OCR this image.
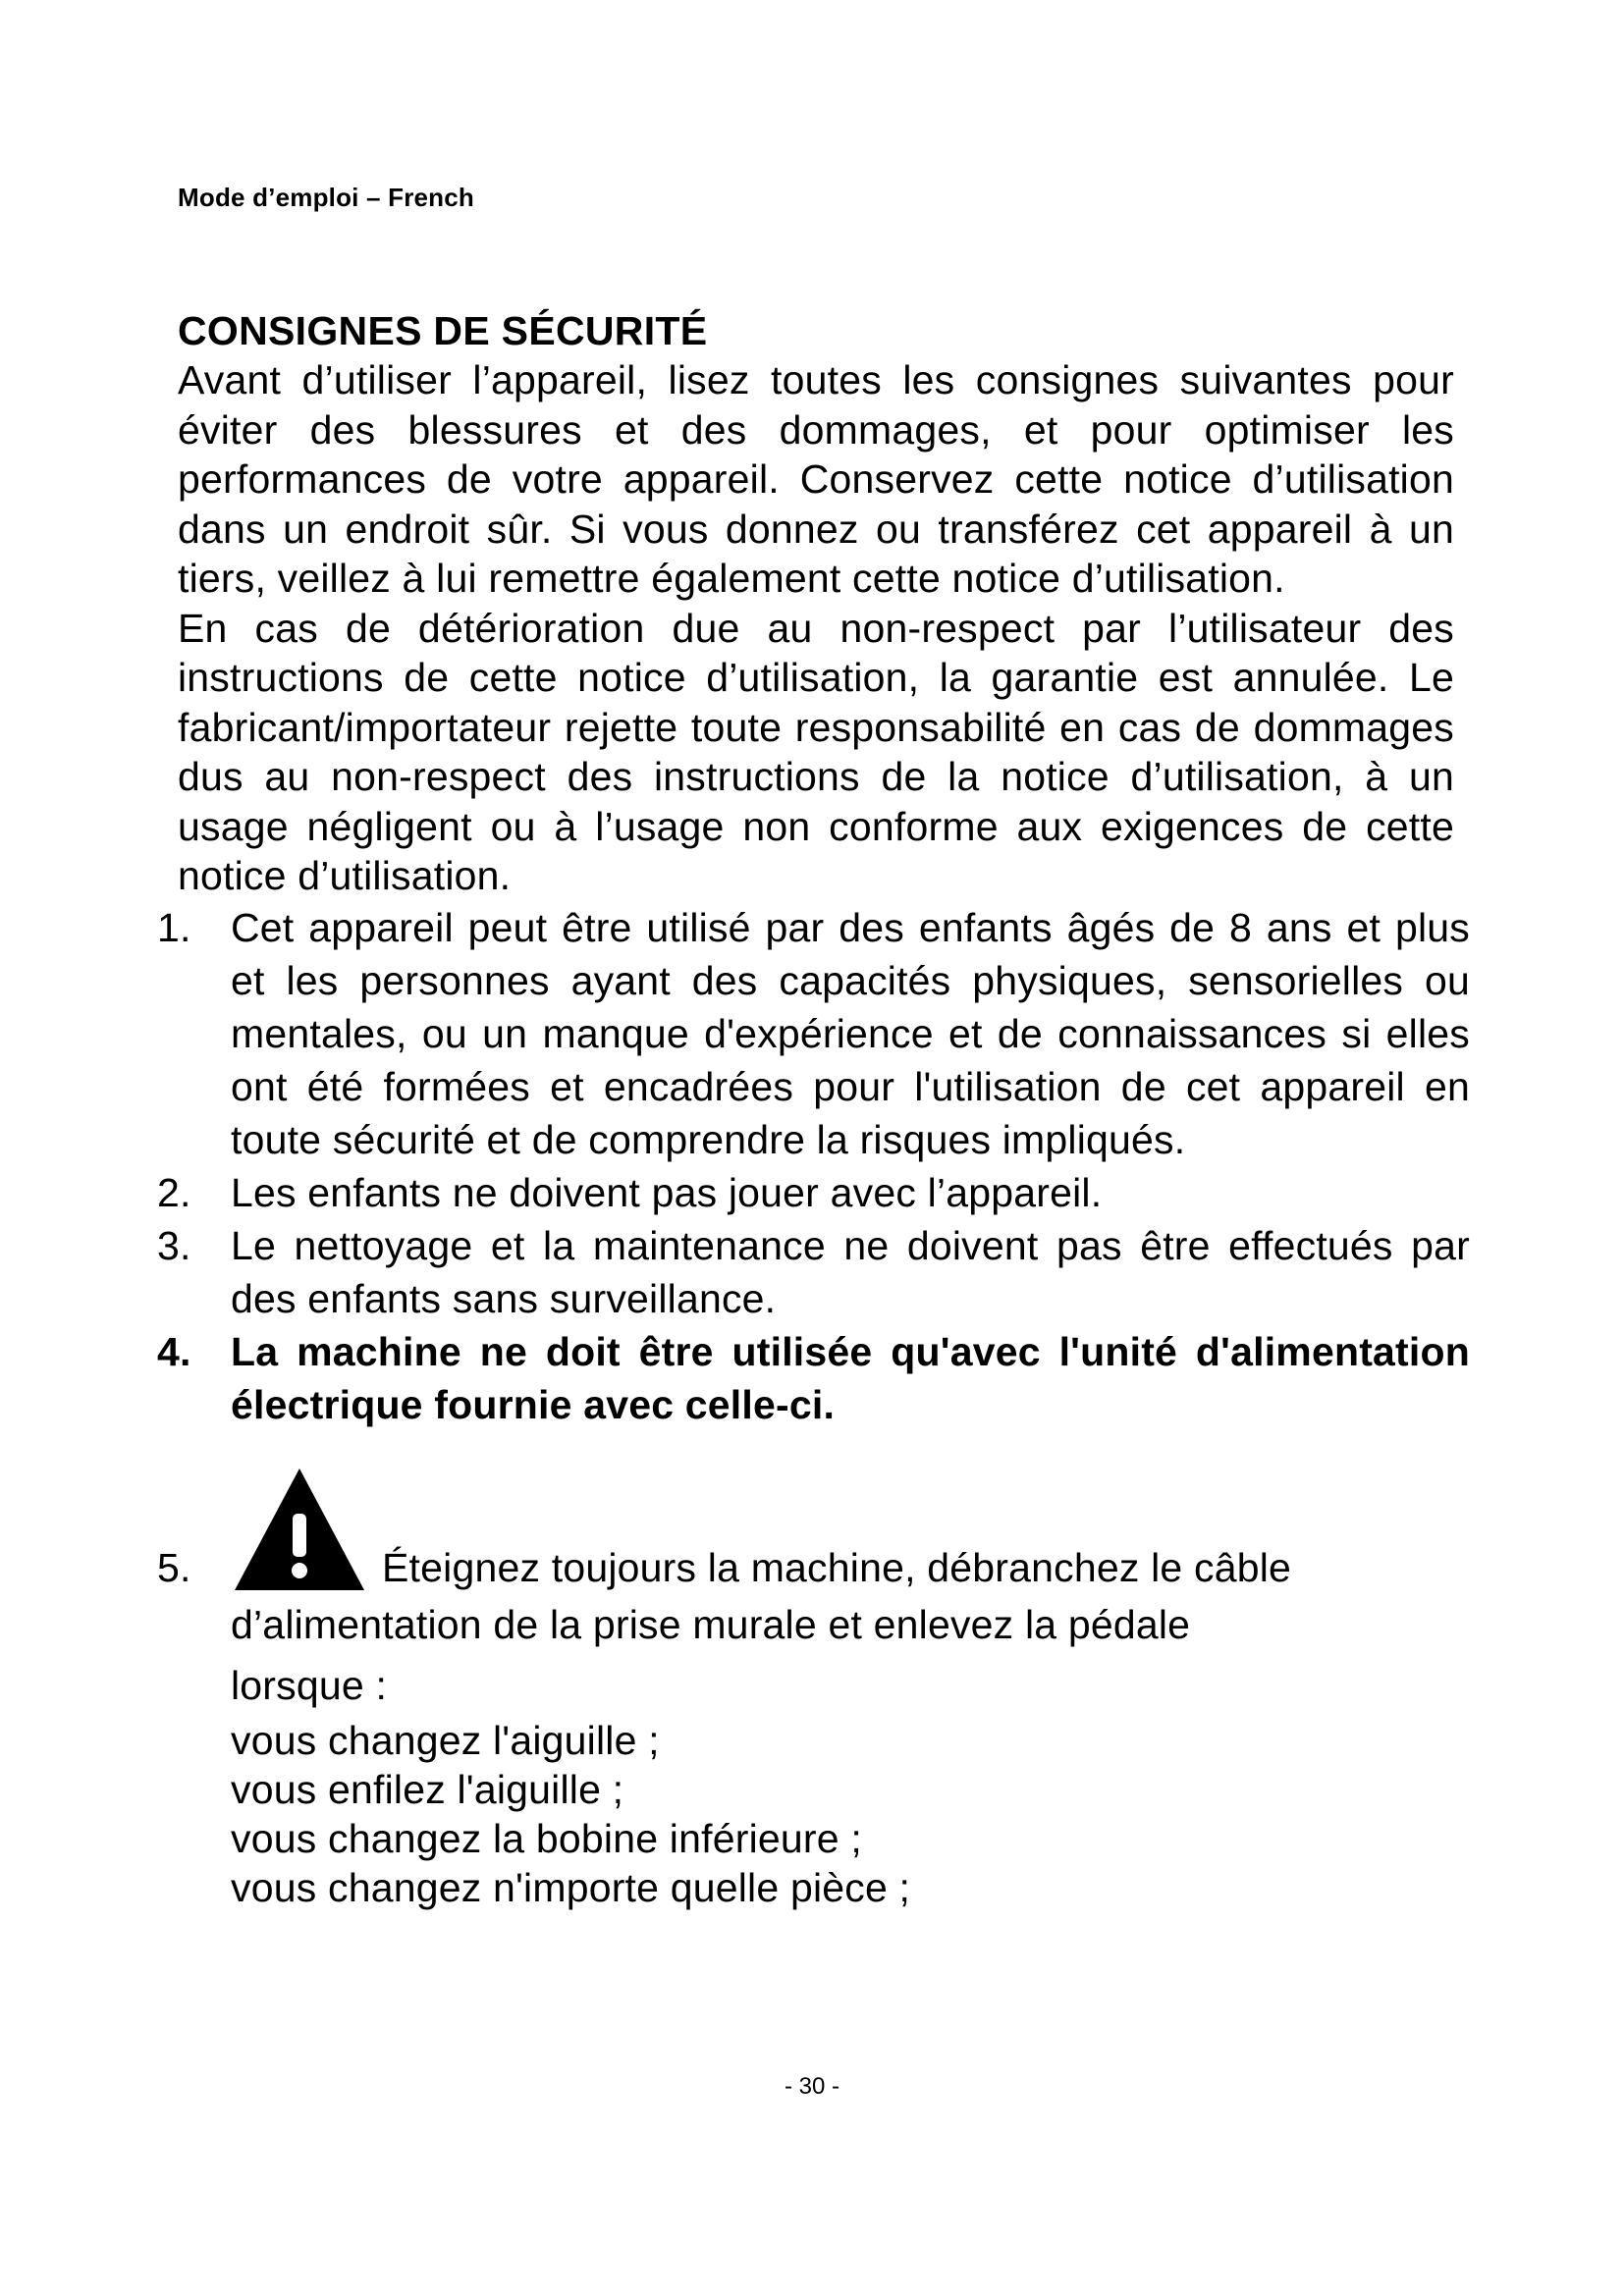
Mode d’emploi – French
CONSIGNES DE SÉCURITÉ

Avant d’utiliser l’appareil, lisez toutes les consignes suivantes pour éviter des blessures et des dommages, et pour optimiser les performances de votre appareil. Conservez cette notice d’utilisation dans un endroit sûr. Si vous donnez ou transférez cet appareil à un tiers, veillez à lui remettre également cette notice d’utilisation.

En cas de détérioration due au non-respect par l’utilisateur des instructions de cette notice d’utilisation, la garantie est annulée. Le fabricant/importateur rejette toute responsabilité en cas de dommages dus au non-respect des instructions de la notice d’utilisation, à un usage négligent ou à l’usage non conforme aux exigences de cette notice d’utilisation.

1. Cet appareil peut être utilisé par des enfants âgés de 8 ans et plus et les personnes ayant des capacités physiques, sensorielles ou mentales, ou un manque d'expérience et de connaissances si elles ont été formées et encadrées pour l'utilisation de cet appareil en toute sécurité et de comprendre la risques impliqués.
2. Les enfants ne doivent pas jouer avec l’appareil.
3. Le nettoyage et la maintenance ne doivent pas être effectués par des enfants sans surveillance.
4. La machine ne doit être utilisée qu'avec l'unité d'alimentation électrique fournie avec celle-ci.
5.	Éteignez toujours la machine, débranchez le câble
d’alimentation de la prise murale et enlevez la pédale
lorsque :

vous changez l'aiguille ;

vous enfilez l'aiguille ;

vous changez la bobine inférieure ;

vous changez n'importe quelle pièce ;

- 30 -
